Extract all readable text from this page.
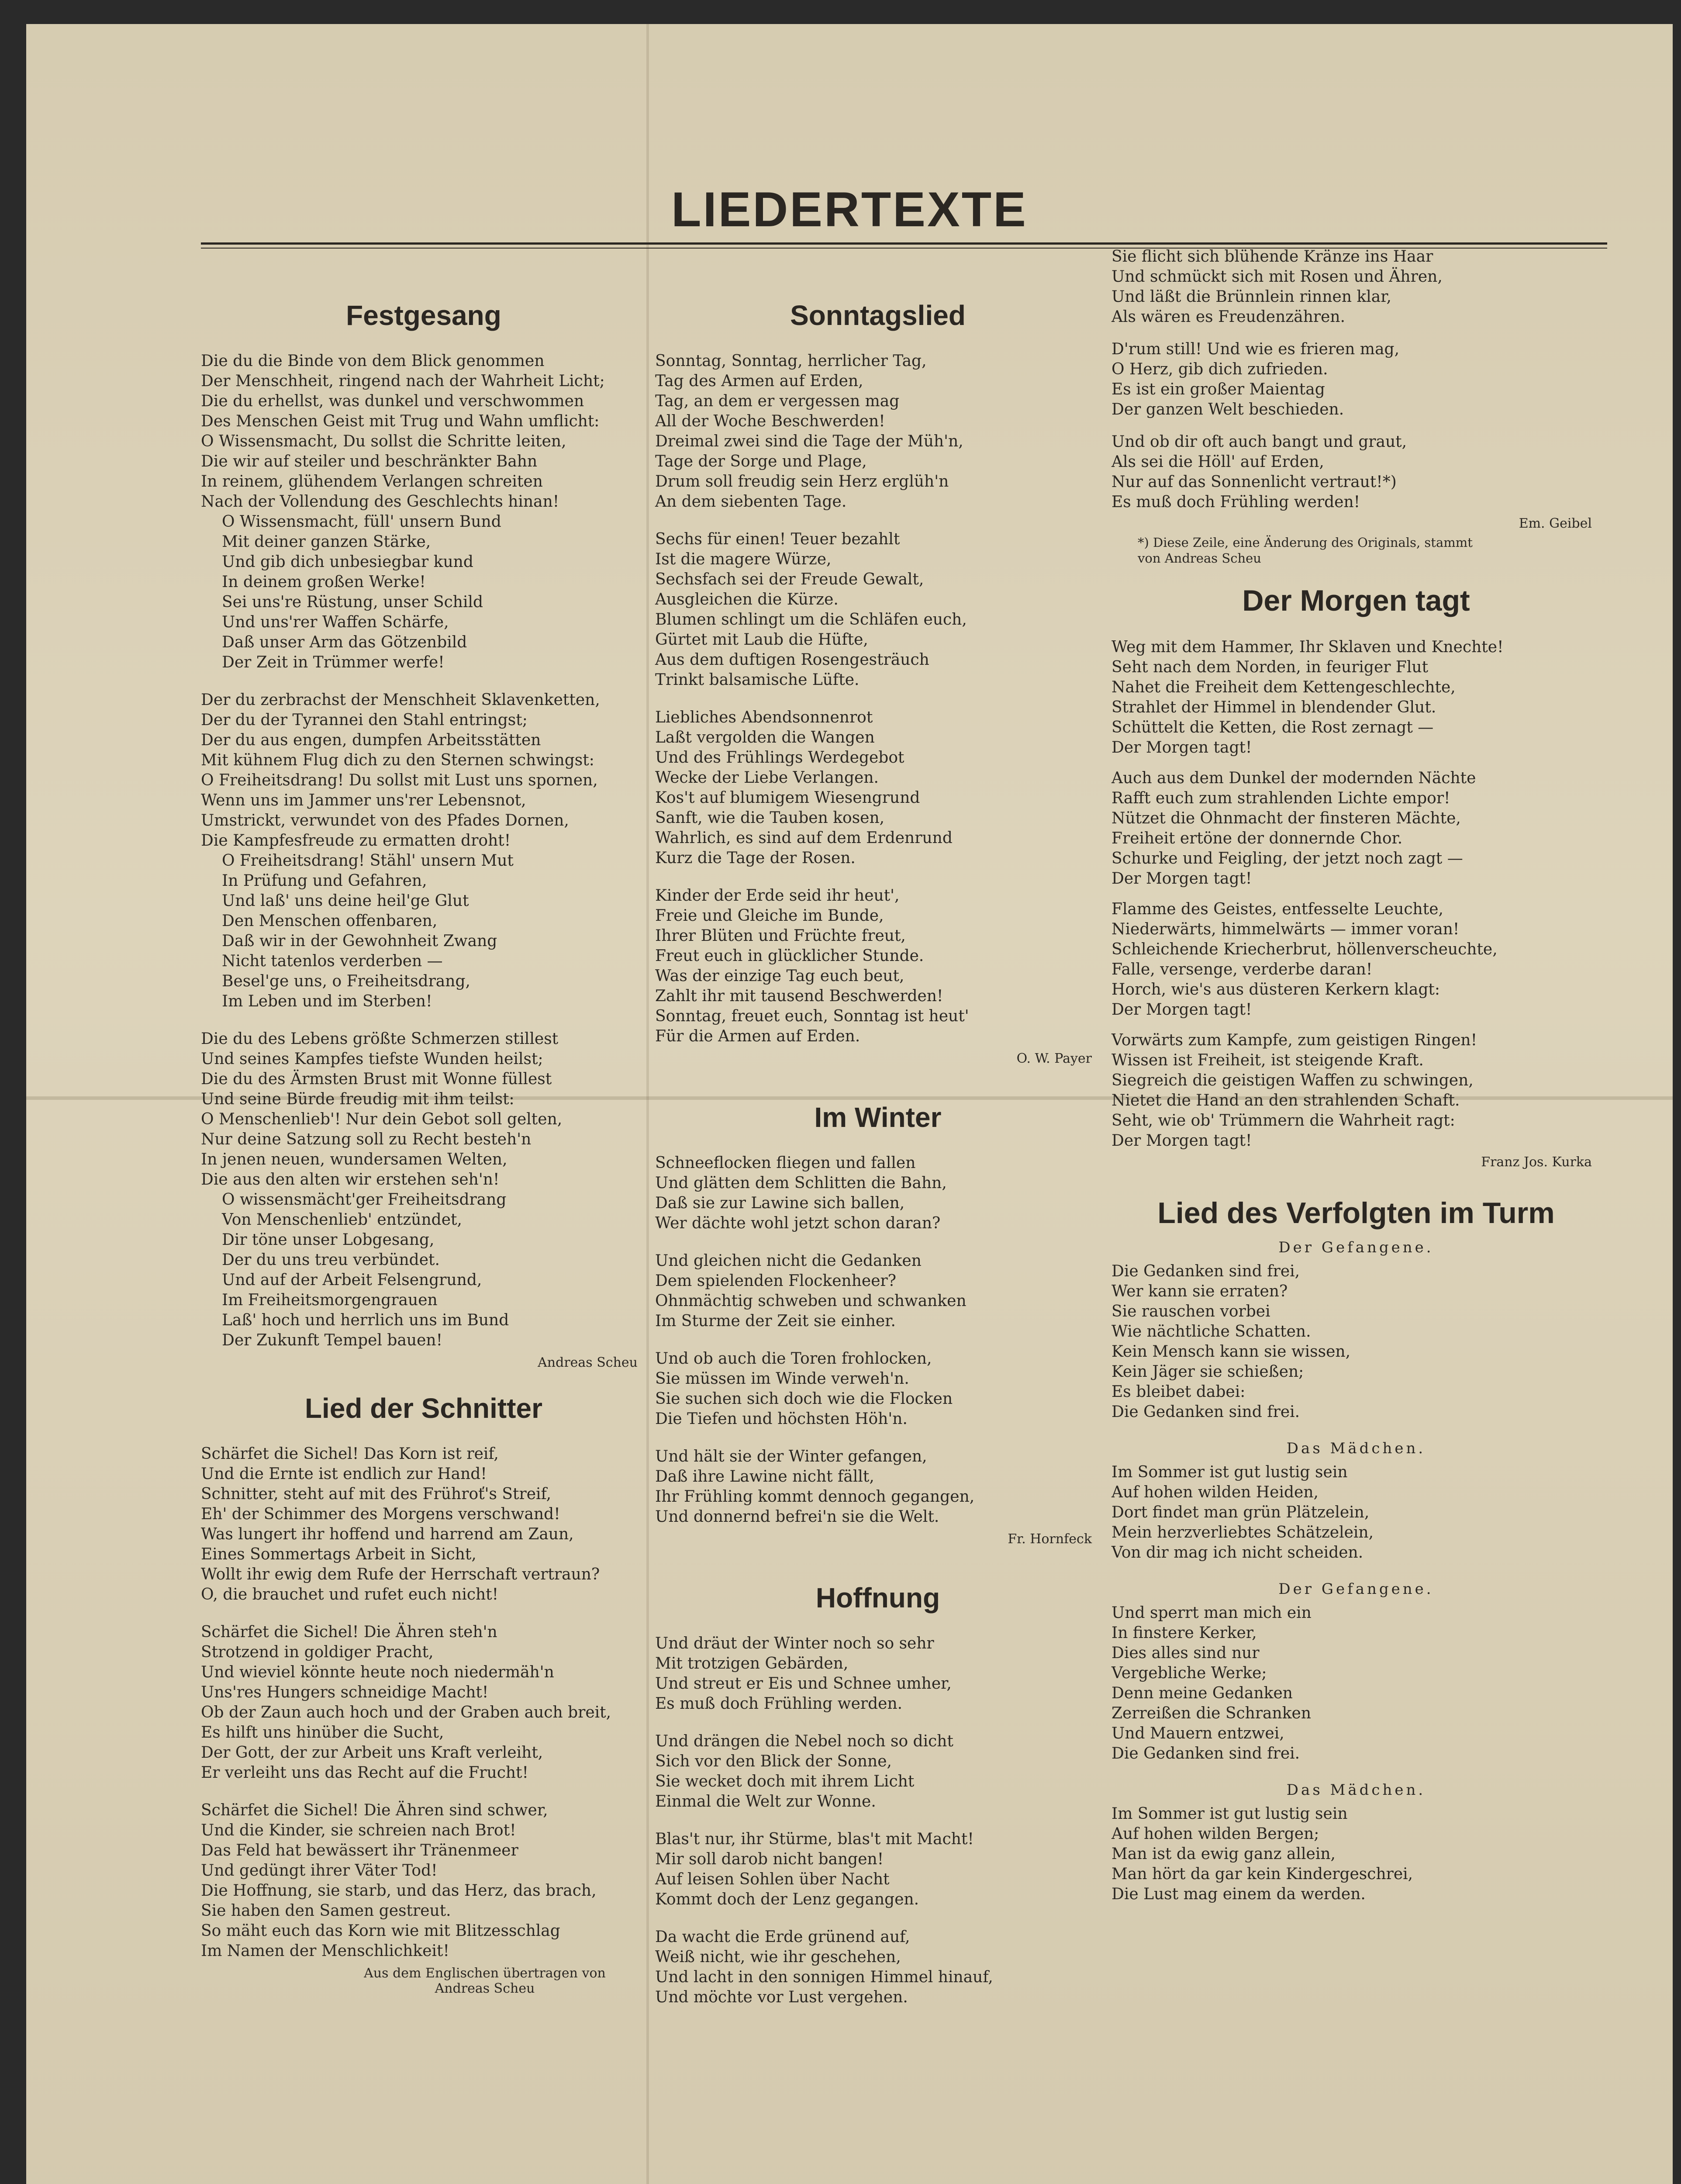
LIEDERTEXTE
Festgesang
Die du die Binde von dem Blick genommen
Der Menschheit, ringend nach der Wahrheit Licht;
Die du erhellst, was dunkel und verschwommen
Des Menschen Geist mit Trug und Wahn umflicht:
O Wissensmacht, Du sollst die Schritte leiten,
Die wir auf steiler und beschränkter Bahn
In reinem, glühendem Verlangen schreiten
Nach der Vollendung des Geschlechts hinan!
O Wissensmacht, füll' unsern Bund
Mit deiner ganzen Stärke,
Und gib dich unbesiegbar kund
In deinem großen Werke!
Sei uns're Rüstung, unser Schild
Und uns'rer Waffen Schärfe,
Daß unser Arm das Götzenbild
Der Zeit in Trümmer werfe!
Der du zerbrachst der Menschheit Sklavenketten,
Der du der Tyrannei den Stahl entringst;
Der du aus engen, dumpfen Arbeitsstätten
Mit kühnem Flug dich zu den Sternen schwingst:
O Freiheitsdrang! Du sollst mit Lust uns spornen,
Wenn uns im Jammer uns'rer Lebensnot,
Umstrickt, verwundet von des Pfades Dornen,
Die Kampfesfreude zu ermatten droht!
O Freiheitsdrang! Stähl' unsern Mut
In Prüfung und Gefahren,
Und laß' uns deine heil'ge Glut
Den Menschen offenbaren,
Daß wir in der Gewohnheit Zwang
Nicht tatenlos verderben —
Besel'ge uns, o Freiheitsdrang,
Im Leben und im Sterben!
Die du des Lebens größte Schmerzen stillest
Und seines Kampfes tiefste Wunden heilst;
Die du des Ärmsten Brust mit Wonne füllest
Und seine Bürde freudig mit ihm teilst:
O Menschenlieb'! Nur dein Gebot soll gelten,
Nur deine Satzung soll zu Recht besteh'n
In jenen neuen, wundersamen Welten,
Die aus den alten wir erstehen seh'n!
O wissensmächt'ger Freiheitsdrang
Von Menschenlieb' entzündet,
Dir töne unser Lobgesang,
Der du uns treu verbündet.
Und auf der Arbeit Felsengrund,
Im Freiheitsmorgengrauen
Laß' hoch und herrlich uns im Bund
Der Zukunft Tempel bauen!
Andreas Scheu
Lied der Schnitter
Schärfet die Sichel! Das Korn ist reif,
Und die Ernte ist endlich zur Hand!
Schnitter, steht auf mit des Frühroť's Streif,
Eh' der Schimmer des Morgens verschwand!
Was lungert ihr hoffend und harrend am Zaun,
Eines Sommertags Arbeit in Sicht,
Wollt ihr ewig dem Rufe der Herrschaft vertraun?
O, die brauchet und rufet euch nicht!
Schärfet die Sichel! Die Ähren steh'n
Strotzend in goldiger Pracht,
Und wieviel könnte heute noch niedermäh'n
Uns'res Hungers schneidige Macht!
Ob der Zaun auch hoch und der Graben auch breit,
Es hilft uns hinüber die Sucht,
Der Gott, der zur Arbeit uns Kraft verleiht,
Er verleiht uns das Recht auf die Frucht!
Schärfet die Sichel! Die Ähren sind schwer,
Und die Kinder, sie schreien nach Brot!
Das Feld hat bewässert ihr Tränenmeer
Und gedüngt ihrer Väter Tod!
Die Hoffnung, sie starb, und das Herz, das brach,
Sie haben den Samen gestreut.
So mäht euch das Korn wie mit Blitzesschlag
Im Namen der Menschlichkeit!
Aus dem Englischen übertragen von
Andreas Scheu
Sonntagslied
Sonntag, Sonntag, herrlicher Tag,
Tag des Armen auf Erden,
Tag, an dem er vergessen mag
All der Woche Beschwerden!
Dreimal zwei sind die Tage der Müh'n,
Tage der Sorge und Plage,
Drum soll freudig sein Herz erglüh'n
An dem siebenten Tage.
Sechs für einen! Teuer bezahlt
Ist die magere Würze,
Sechsfach sei der Freude Gewalt,
Ausgleichen die Kürze.
Blumen schlingt um die Schläfen euch,
Gürtet mit Laub die Hüfte,
Aus dem duftigen Rosengesträuch
Trinkt balsamische Lüfte.
Liebliches Abendsonnenrot
Laßt vergolden die Wangen
Und des Frühlings Werdegebot
Wecke der Liebe Verlangen.
Kos't auf blumigem Wiesengrund
Sanft, wie die Tauben kosen,
Wahrlich, es sind auf dem Erdenrund
Kurz die Tage der Rosen.
Kinder der Erde seid ihr heut',
Freie und Gleiche im Bunde,
Ihrer Blüten und Früchte freut,
Freut euch in glücklicher Stunde.
Was der einzige Tag euch beut,
Zahlt ihr mit tausend Beschwerden!
Sonntag, freuet euch, Sonntag ist heut'
Für die Armen auf Erden.
O. W. Payer
Im Winter
Schneeflocken fliegen und fallen
Und glätten dem Schlitten die Bahn,
Daß sie zur Lawine sich ballen,
Wer dächte wohl jetzt schon daran?
Und gleichen nicht die Gedanken
Dem spielenden Flockenheer?
Ohnmächtig schweben und schwanken
Im Sturme der Zeit sie einher.
Und ob auch die Toren frohlocken,
Sie müssen im Winde verweh'n.
Sie suchen sich doch wie die Flocken
Die Tiefen und höchsten Höh'n.
Und hält sie der Winter gefangen,
Daß ihre Lawine nicht fällt,
Ihr Frühling kommt dennoch gegangen,
Und donnernd befrei'n sie die Welt.
Fr. Hornfeck
Hoffnung
Und dräut der Winter noch so sehr
Mit trotzigen Gebärden,
Und streut er Eis und Schnee umher,
Es muß doch Frühling werden.
Und drängen die Nebel noch so dicht
Sich vor den Blick der Sonne,
Sie wecket doch mit ihrem Licht
Einmal die Welt zur Wonne.
Blas't nur, ihr Stürme, blas't mit Macht!
Mir soll darob nicht bangen!
Auf leisen Sohlen über Nacht
Kommt doch der Lenz gegangen.
Da wacht die Erde grünend auf,
Weiß nicht, wie ihr geschehen,
Und lacht in den sonnigen Himmel hinauf,
Und möchte vor Lust vergehen.
Sie flicht sich blühende Kränze ins Haar
Und schmückt sich mit Rosen und Ähren,
Und läßt die Brünnlein rinnen klar,
Als wären es Freudenzähren.
D'rum still! Und wie es frieren mag,
O Herz, gib dich zufrieden.
Es ist ein großer Maientag
Der ganzen Welt beschieden.
Und ob dir oft auch bangt und graut,
Als sei die Höll' auf Erden,
Nur auf das Sonnenlicht vertraut!*)
Es muß doch Frühling werden!
Em. Geibel
*) Diese Zeile, eine Änderung des Originals, stammt
von Andreas Scheu
Der Morgen tagt
Weg mit dem Hammer, Ihr Sklaven und Knechte!
Seht nach dem Norden, in feuriger Flut
Nahet die Freiheit dem Kettengeschlechte,
Strahlet der Himmel in blendender Glut.
Schüttelt die Ketten, die Rost zernagt —
Der Morgen tagt!
Auch aus dem Dunkel der modernden Nächte
Rafft euch zum strahlenden Lichte empor!
Nützet die Ohnmacht der finsteren Mächte,
Freiheit ertöne der donnernde Chor.
Schurke und Feigling, der jetzt noch zagt —
Der Morgen tagt!
Flamme des Geistes, entfesselte Leuchte,
Niederwärts, himmelwärts — immer voran!
Schleichende Kriecherbrut, höllenverscheuchte,
Falle, versenge, verderbe daran!
Horch, wie's aus düsteren Kerkern klagt:
Der Morgen tagt!
Vorwärts zum Kampfe, zum geistigen Ringen!
Wissen ist Freiheit, ist steigende Kraft.
Siegreich die geistigen Waffen zu schwingen,
Nietet die Hand an den strahlenden Schaft.
Seht, wie ob' Trümmern die Wahrheit ragt:
Der Morgen tagt!
Franz Jos. Kurka
Lied des Verfolgten im Turm
Der Gefangene.
Die Gedanken sind frei,
Wer kann sie erraten?
Sie rauschen vorbei
Wie nächtliche Schatten.
Kein Mensch kann sie wissen,
Kein Jäger sie schießen;
Es bleibet dabei:
Die Gedanken sind frei.
Das Mädchen.
Im Sommer ist gut lustig sein
Auf hohen wilden Heiden,
Dort findet man grün Plätzelein,
Mein herzverliebtes Schätzelein,
Von dir mag ich nicht scheiden.
Der Gefangene.
Und sperrt man mich ein
In finstere Kerker,
Dies alles sind nur
Vergebliche Werke;
Denn meine Gedanken
Zerreißen die Schranken
Und Mauern entzwei,
Die Gedanken sind frei.
Das Mädchen.
Im Sommer ist gut lustig sein
Auf hohen wilden Bergen;
Man ist da ewig ganz allein,
Man hört da gar kein Kindergeschrei,
Die Lust mag einem da werden.
